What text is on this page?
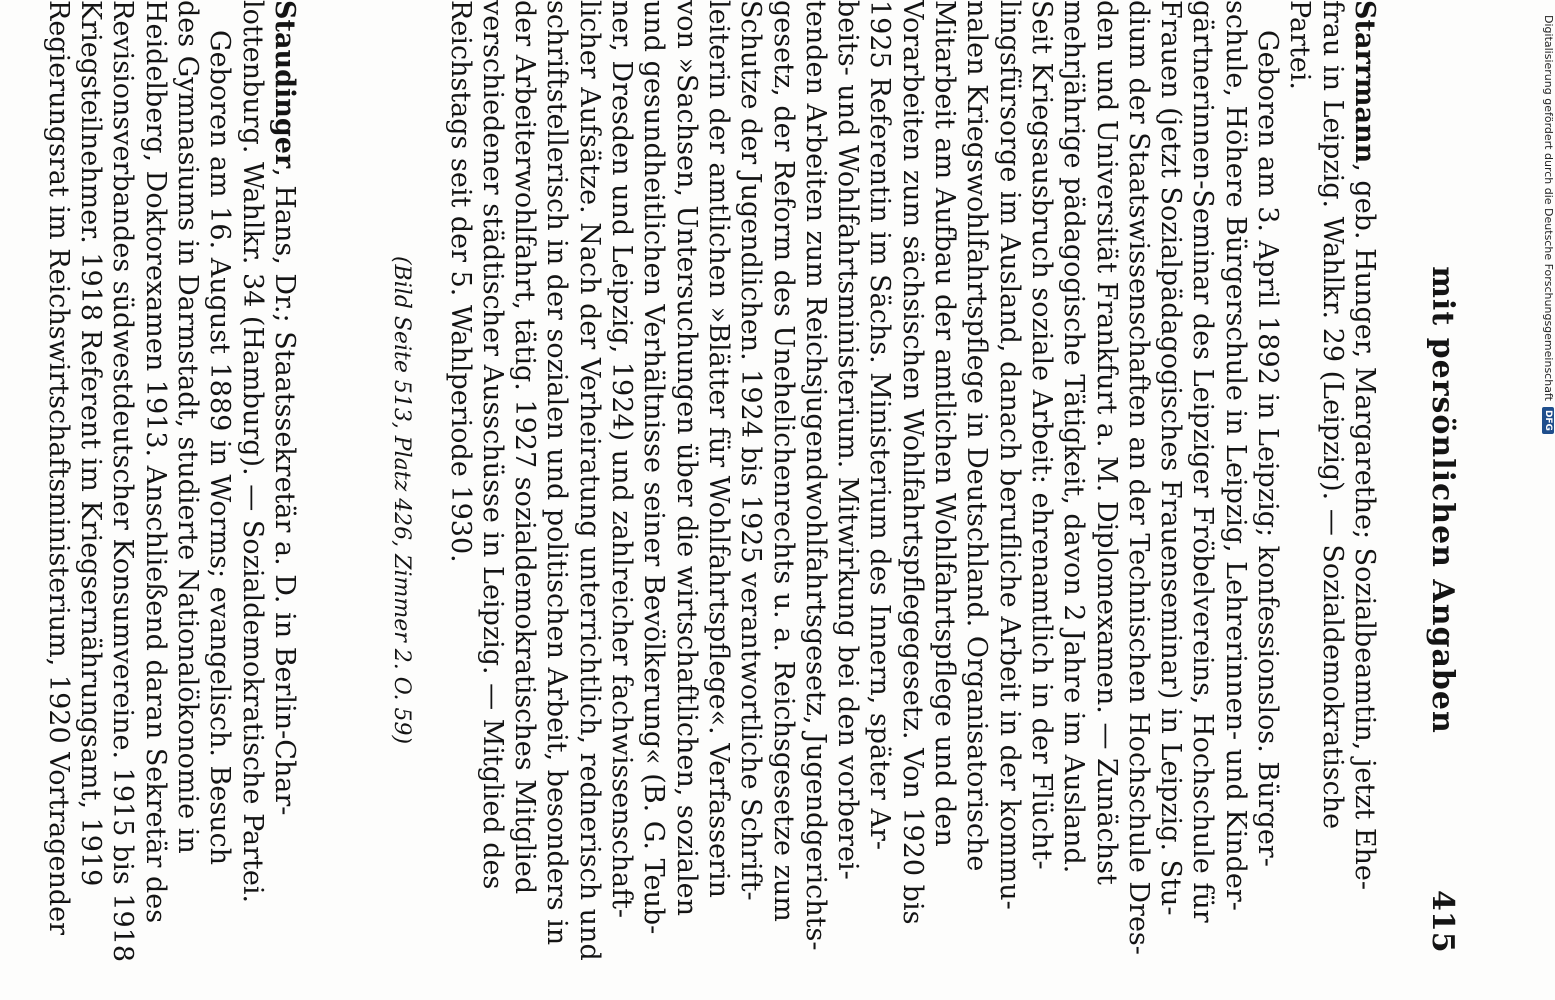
mit persönlichen Angaben
415
Starrmann, geb. Hunger, Margarethe; Sozialbeamtin, jetzt Ehe-
frau in Leipzig. Wahlkr. 29 (Leipzig). — Sozialdemokratische
Partei.
Geboren am 3. April 1892 in Leipzig; konfessionslos. Bürger-
schule, Höhere Bürgerschule in Leipzig, Lehrerinnen- und Kinder-
gärtnerinnen-Seminar des Leipziger Fröbelvereins, Hochschule für
Frauen (jetzt Sozialpädagogisches Frauenseminar) in Leipzig. Stu-
dium der Staatswissenschaften an der Technischen Hochschule Dres-
den und Universität Frankfurt a. M. Diplomexamen. — Zunächst
mehrjährige pädagogische Tätigkeit, davon 2 Jahre im Ausland.
Seit Kriegsausbruch soziale Arbeit: ehrenamtlich in der Flücht-
lingsfürsorge im Ausland, danach berufliche Arbeit in der kommu-
nalen Kriegswohlfahrtspflege in Deutschland. Organisatorische
Mitarbeit am Aufbau der amtlichen Wohlfahrtspflege und den
Vorarbeiten zum sächsischen Wohlfahrtspflegegesetz. Von 1920 bis
1925 Referentin im Sächs. Ministerium des Innern, später Ar-
beits- und Wohlfahrtsministerium. Mitwirkung bei den vorberei-
tenden Arbeiten zum Reichsjugendwohlfahrtsgesetz, Jugendgerichts-
gesetz, der Reform des Unehelichenrechts u. a. Reichsgesetze zum
Schutze der Jugendlichen. 1924 bis 1925 verantwortliche Schrift-
leiterin der amtlichen »Blätter für Wohlfahrtspflege«. Verfasserin
von »Sachsen, Untersuchungen über die wirtschaftlichen, sozialen
und gesundheitlichen Verhältnisse seiner Bevölkerung« (B. G. Teub-
ner, Dresden und Leipzig, 1924) und zahlreicher fachwissenschaft-
licher Aufsätze. Nach der Verheiratung unterrichtlich, rednerisch und
schriftstellerisch in der sozialen und politischen Arbeit, besonders in
der Arbeiterwohlfahrt, tätig. 1927 sozialdemokratisches Mitglied
verschiedener städtischer Ausschüsse in Leipzig. — Mitglied des
Reichstags seit der 5. Wahlperiode 1930.
(Bild Seite 513, Platz 426, Zimmer 2. O. 59)
Staudinger, Hans, Dr.; Staatssekretär a. D. in Berlin-Char-
lottenburg. Wahlkr. 34 (Hamburg). — Sozialdemokratische Partei.
Geboren am 16. August 1889 in Worms; evangelisch. Besuch
des Gymnasiums in Darmstadt, studierte Nationalökonomie in
Heidelberg, Doktorexamen 1913. Anschließend daran Sekretär des
Revisionsverbandes südwestdeutscher Konsumvereine. 1915 bis 1918
Kriegsteilnehmer. 1918 Referent im Kriegsernährungsamt, 1919
Regierungsrat im Reichswirtschaftsministerium, 1920 Vortragender	Digitalisierung gefördert durch die Deutsche Forschungsgemeinschaft
DFG
